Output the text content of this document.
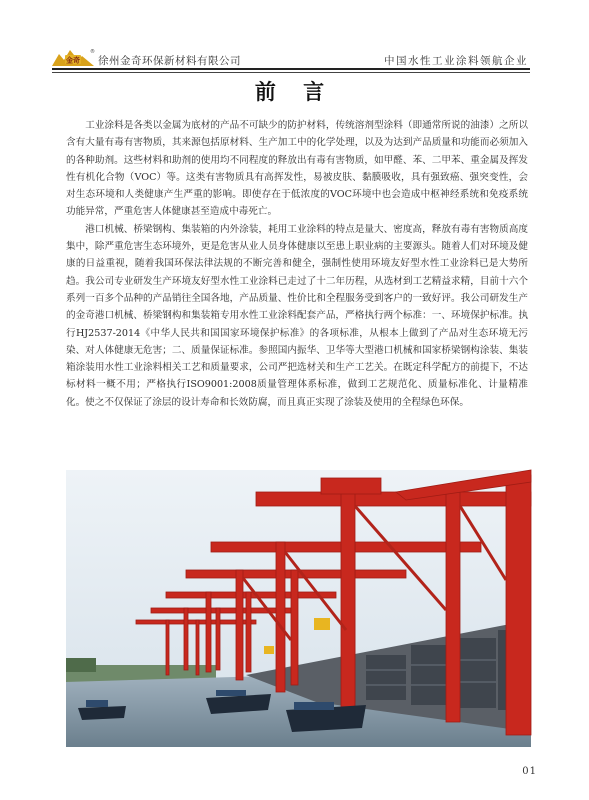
金奇
®
徐州金奇环保新材料有限公司	中国水性工业涂料领航企业
前 言

工业涂料是各类以金属为底材的产品不可缺少的防护材料，传统溶剂型涂料（即通常所说的油漆）之所以含有大量有毒有害物质，其来源包括原材料、生产加工中的化学处理，以及为达到产品质量和功能而必须加入的各种助剂。这些材料和助剂的使用均不同程度的释放出有毒有害物质，如甲醛、苯、二甲苯、重金属及挥发性有机化合物（VOC）等。这类有害物质具有高挥发性，易被皮肤、黏膜吸收，具有强致癌、强突变性，会对生态环境和人类健康产生严重的影响。即使存在于低浓度的VOC环境中也会造成中枢神经系统和免疫系统功能异常，严重危害人体健康甚至造成中毒死亡。

港口机械、桥梁钢构、集装箱的内外涂装，耗用工业涂料的特点是量大、密度高，释放有毒有害物质高度集中，除严重危害生态环境外，更是危害从业人员身体健康以至患上职业病的主要源头。随着人们对环境及健康的日益重视，随着我国环保法律法规的不断完善和健全，强制性使用环境友好型水性工业涂料已是大势所趋。我公司专业研发生产环境友好型水性工业涂料已走过了十二年历程，从选材到工艺精益求精，目前十六个系列一百多个品种的产品销往全国各地，产品质量、性价比和全程服务受到客户的一致好评。我公司研发生产的金奇港口机械、桥梁钢构和集装箱专用水性工业涂料配套产品，严格执行两个标准：一、环境保护标准。执行HJ2537-2014《中华人民共和国国家环境保护标准》的各项标准，从根本上做到了产品对生态环境无污染、对人体健康无危害；二、质量保证标准。参照国内振华、卫华等大型港口机械和国家桥梁钢构涂装、集装箱涂装用水性工业涂料相关工艺和质量要求，公司严把选材关和生产工艺关。在既定科学配方的前提下，不达标材料一概不用；严格执行ISO9001:2008质量管理体系标准，做到工艺规范化、质量标准化、计量精准化。使之不仅保证了涂层的设计寿命和长效防腐，而且真正实现了涂装及使用的全程绿色环保。

01
